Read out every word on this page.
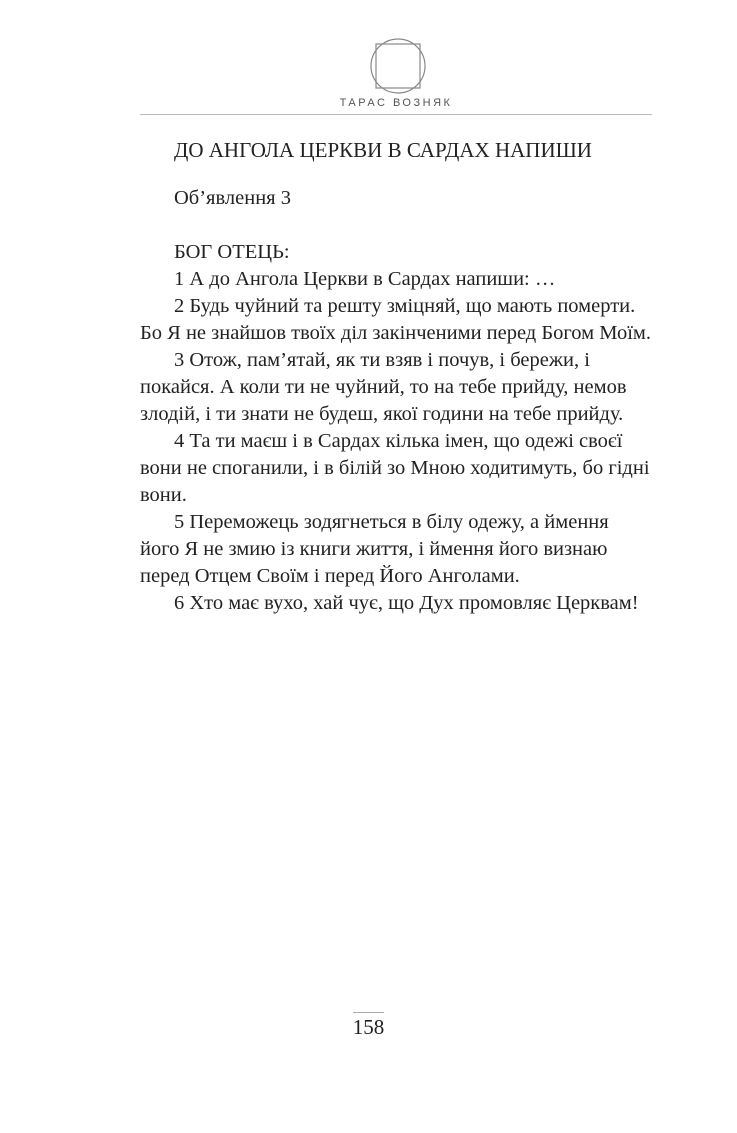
ТАРАС ВОЗНЯК
ДО АНГОЛА ЦЕРКВИ В САРДАХ НАПИШИ

Об’явлення 3

БОГ ОТЕЦЬ:

1 А до Ангола Церкви в Сардах напиши: …

2 Будь чуйний та решту зміцняй, що мають померти. Бо Я не знайшов твоїх діл закінченими перед Богом Моїм.

3 Отож, пам’ятай, як ти взяв і почув, і бережи, і покайся. А коли ти не чуйний, то на тебе прийду, немов злодій, і ти знати не будеш, якої години на тебе прийду.

4 Та ти маєш і в Сардах кілька імен, що одежі своєї вони не споганили, і в білій зо Мною ходитимуть, бо гідні вони.

5 Переможець зодягнеться в білу одежу, а ймення його Я не змию із книги життя, і ймення його визнаю перед Отцем Своїм і перед Його Анголами.

6 Хто має вухо, хай чує, що Дух промовляє Церквам!

158
